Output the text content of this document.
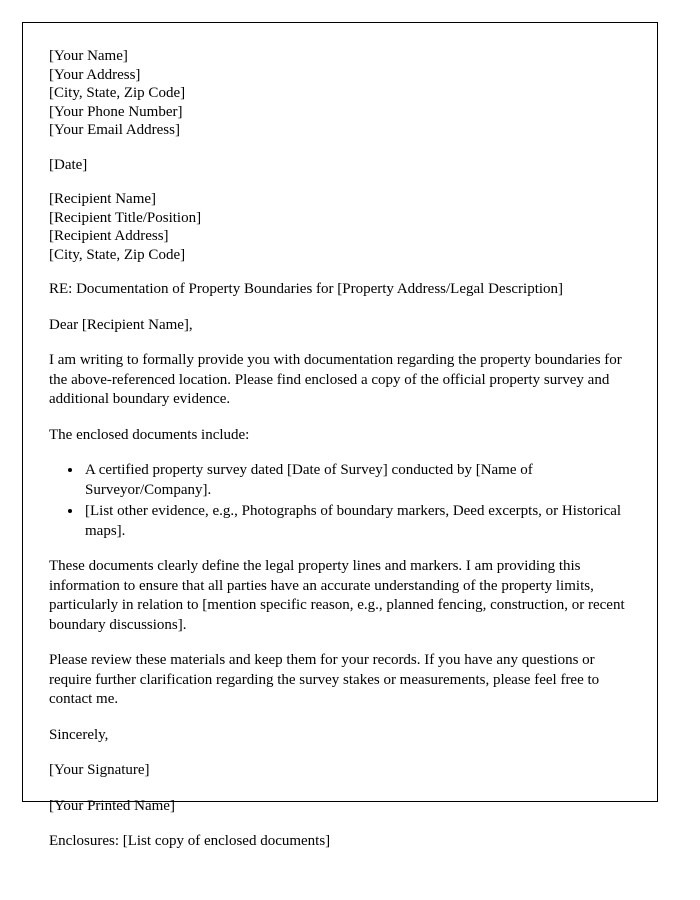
[Your Name]
[Your Address]
[City, State, Zip Code]
[Your Phone Number]
[Your Email Address]
[Date]
[Recipient Name]
[Recipient Title/Position]
[Recipient Address]
[City, State, Zip Code]

RE: Documentation of Property Boundaries for [Property Address/Legal Description]

Dear [Recipient Name],

I am writing to formally provide you with documentation regarding the property boundaries for the above-referenced location. Please find enclosed a copy of the official property survey and additional boundary evidence.

The enclosed documents include:

• A certified property survey dated [Date of Survey] conducted by [Name of Surveyor/Company].
• [List other evidence, e.g., Photographs of boundary markers, Deed excerpts, or Historical maps].

These documents clearly define the legal property lines and markers. I am providing this information to ensure that all parties have an accurate understanding of the property limits, particularly in relation to [mention specific reason, e.g., planned fencing, construction, or recent boundary discussions].

Please review these materials and keep them for your records. If you have any questions or require further clarification regarding the survey stakes or measurements, please feel free to contact me.

Sincerely,

[Your Signature]

[Your Printed Name]

Enclosures: [List copy of enclosed documents]
